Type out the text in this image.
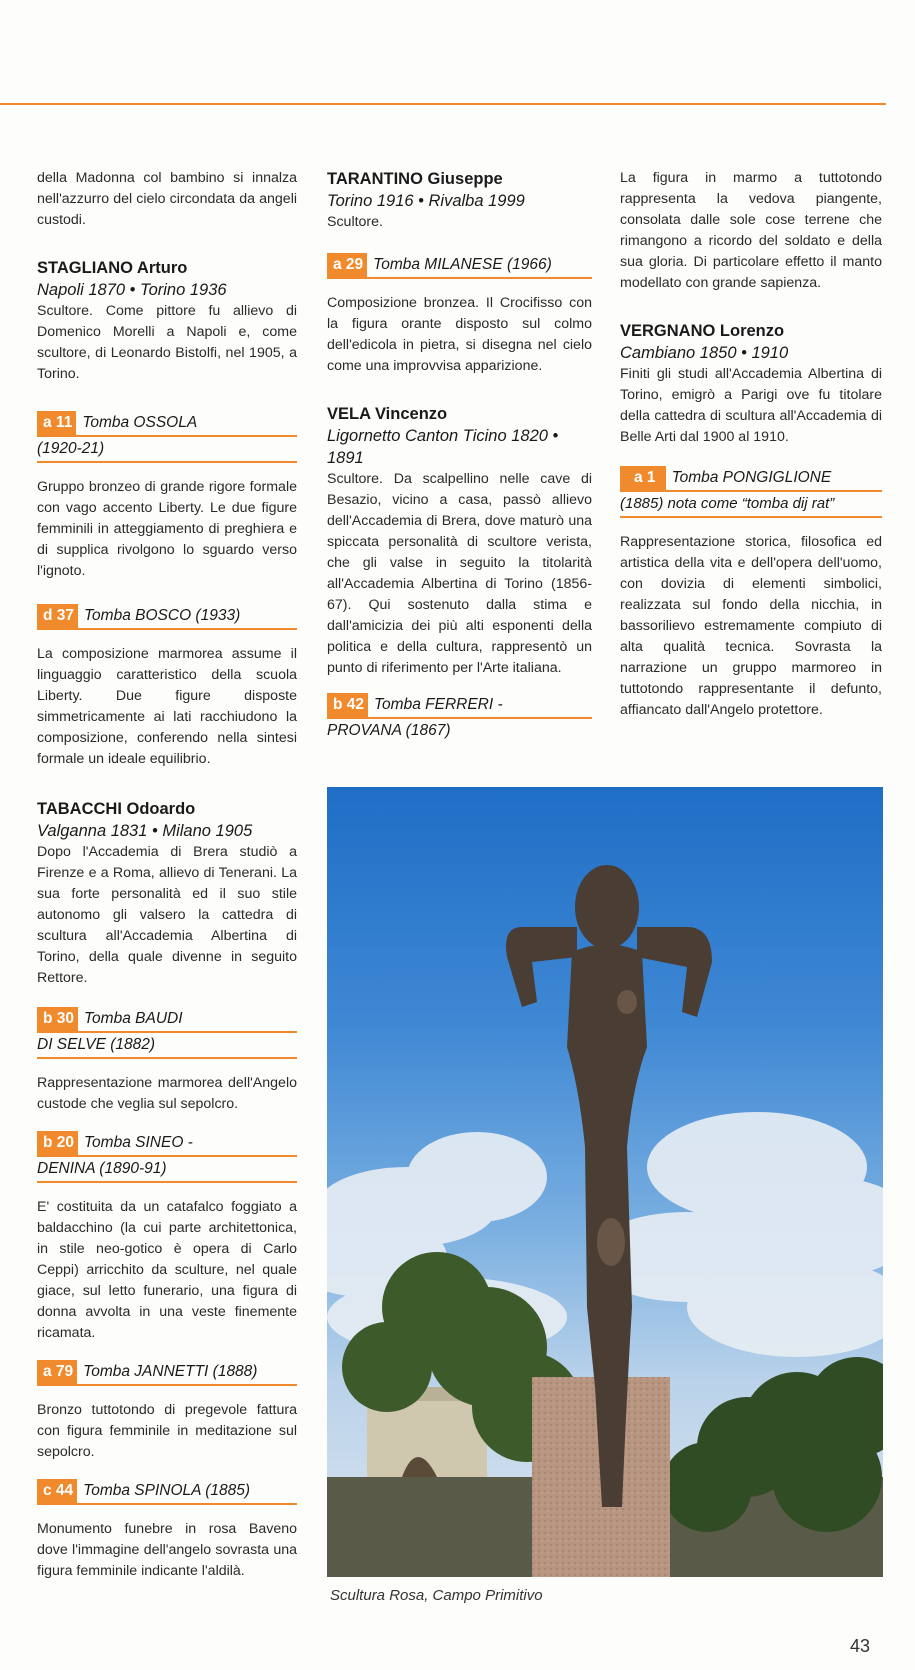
della Madonna col bambino si innalza nell'azzurro del cielo circondata da angeli custodi.

STAGLIANO Arturo

Napoli 1870 • Torino 1936

Scultore. Come pittore fu allievo di Domenico Morelli a Napoli e, come scultore, di Leonardo Bistolfi, nel 1905, a Torino.

a 11 Tomba OSSOLA
(1920-21)

Gruppo bronzeo di grande rigore formale con vago accento Liberty. Le due figure femminili in atteggiamento di preghiera e di supplica rivolgono lo sguardo verso l'ignoto.

d 37 Tomba BOSCO (1933)

La composizione marmorea assume il linguaggio caratteristico della scuola Liberty. Due figure disposte simmetricamente ai lati racchiudono la composizione, conferendo nella sintesi formale un ideale equilibrio.

TABACCHI Odoardo

Valganna 1831 • Milano 1905

Dopo l'Accademia di Brera studiò a Firenze e a Roma, allievo di Tenerani. La sua forte personalità ed il suo stile autonomo gli valsero la cattedra di scultura all'Accademia Albertina di Torino, della quale divenne in seguito Rettore.

b 30 Tomba BAUDI
DI SELVE (1882)

Rappresentazione marmorea dell'Angelo custode che veglia sul sepolcro.

b 20 Tomba SINEO -
DENINA (1890-91)

E' costituita da un catafalco foggiato a baldacchino (la cui parte architettonica, in stile neo-gotico è opera di Carlo Ceppi) arricchito da sculture, nel quale giace, sul letto funerario, una figura di donna avvolta in una veste finemente ricamata.

a 79 Tomba JANNETTI (1888)

Bronzo tuttotondo di pregevole fattura con figura femminile in meditazione sul sepolcro.

c 44 Tomba SPINOLA (1885)

Monumento funebre in rosa Baveno dove l'immagine dell'angelo sovrasta una figura femminile indicante l'aldilà.

TARANTINO Giuseppe

Torino 1916 • Rivalba 1999

Scultore.

a 29 Tomba MILANESE (1966)

Composizione bronzea. Il Crocifisso con la figura orante disposto sul colmo dell'edicola in pietra, si disegna nel cielo come una improvvisa apparizione.

VELA Vincenzo

Ligornetto Canton Ticino 1820 • 1891

Scultore. Da scalpellino nelle cave di Besazio, vicino a casa, passò allievo dell'Accademia di Brera, dove maturò una spiccata personalità di scultore verista, che gli valse in seguito la titolarità all'Accademia Albertina di Torino (1856-67). Qui sostenuto dalla stima e dall'amicizia dei più alti esponenti della politica e della cultura, rappresentò un punto di riferimento per l'Arte italiana.

b 42 Tomba FERRERI -
PROVANA (1867)

La figura in marmo a tuttotondo rappresenta la vedova piangente, consolata dalle sole cose terrene che rimangono a ricordo del soldato e della sua gloria. Di particolare effetto il manto modellato con grande sapienza.

VERGNANO Lorenzo

Cambiano 1850 • 1910

Finiti gli studi all'Accademia Albertina di Torino, emigrò a Parigi ove fu titolare della cattedra di scultura all'Accademia di Belle Arti dal 1900 al 1910.

a 1	Tomba PONGIGLIONE
(1885) nota come “tomba dij rat”

Rappresentazione storica, filosofica ed artistica della vita e dell'opera dell'uomo, con dovizia di elementi simbolici, realizzata sul fondo della nicchia, in bassorilievo estremamente compiuto di alta qualità tecnica. Sovrasta la narrazione un gruppo marmoreo in tuttotondo rappresentante il defunto, affiancato dall'Angelo protettore.

Scultura Rosa, Campo Primitivo
43
